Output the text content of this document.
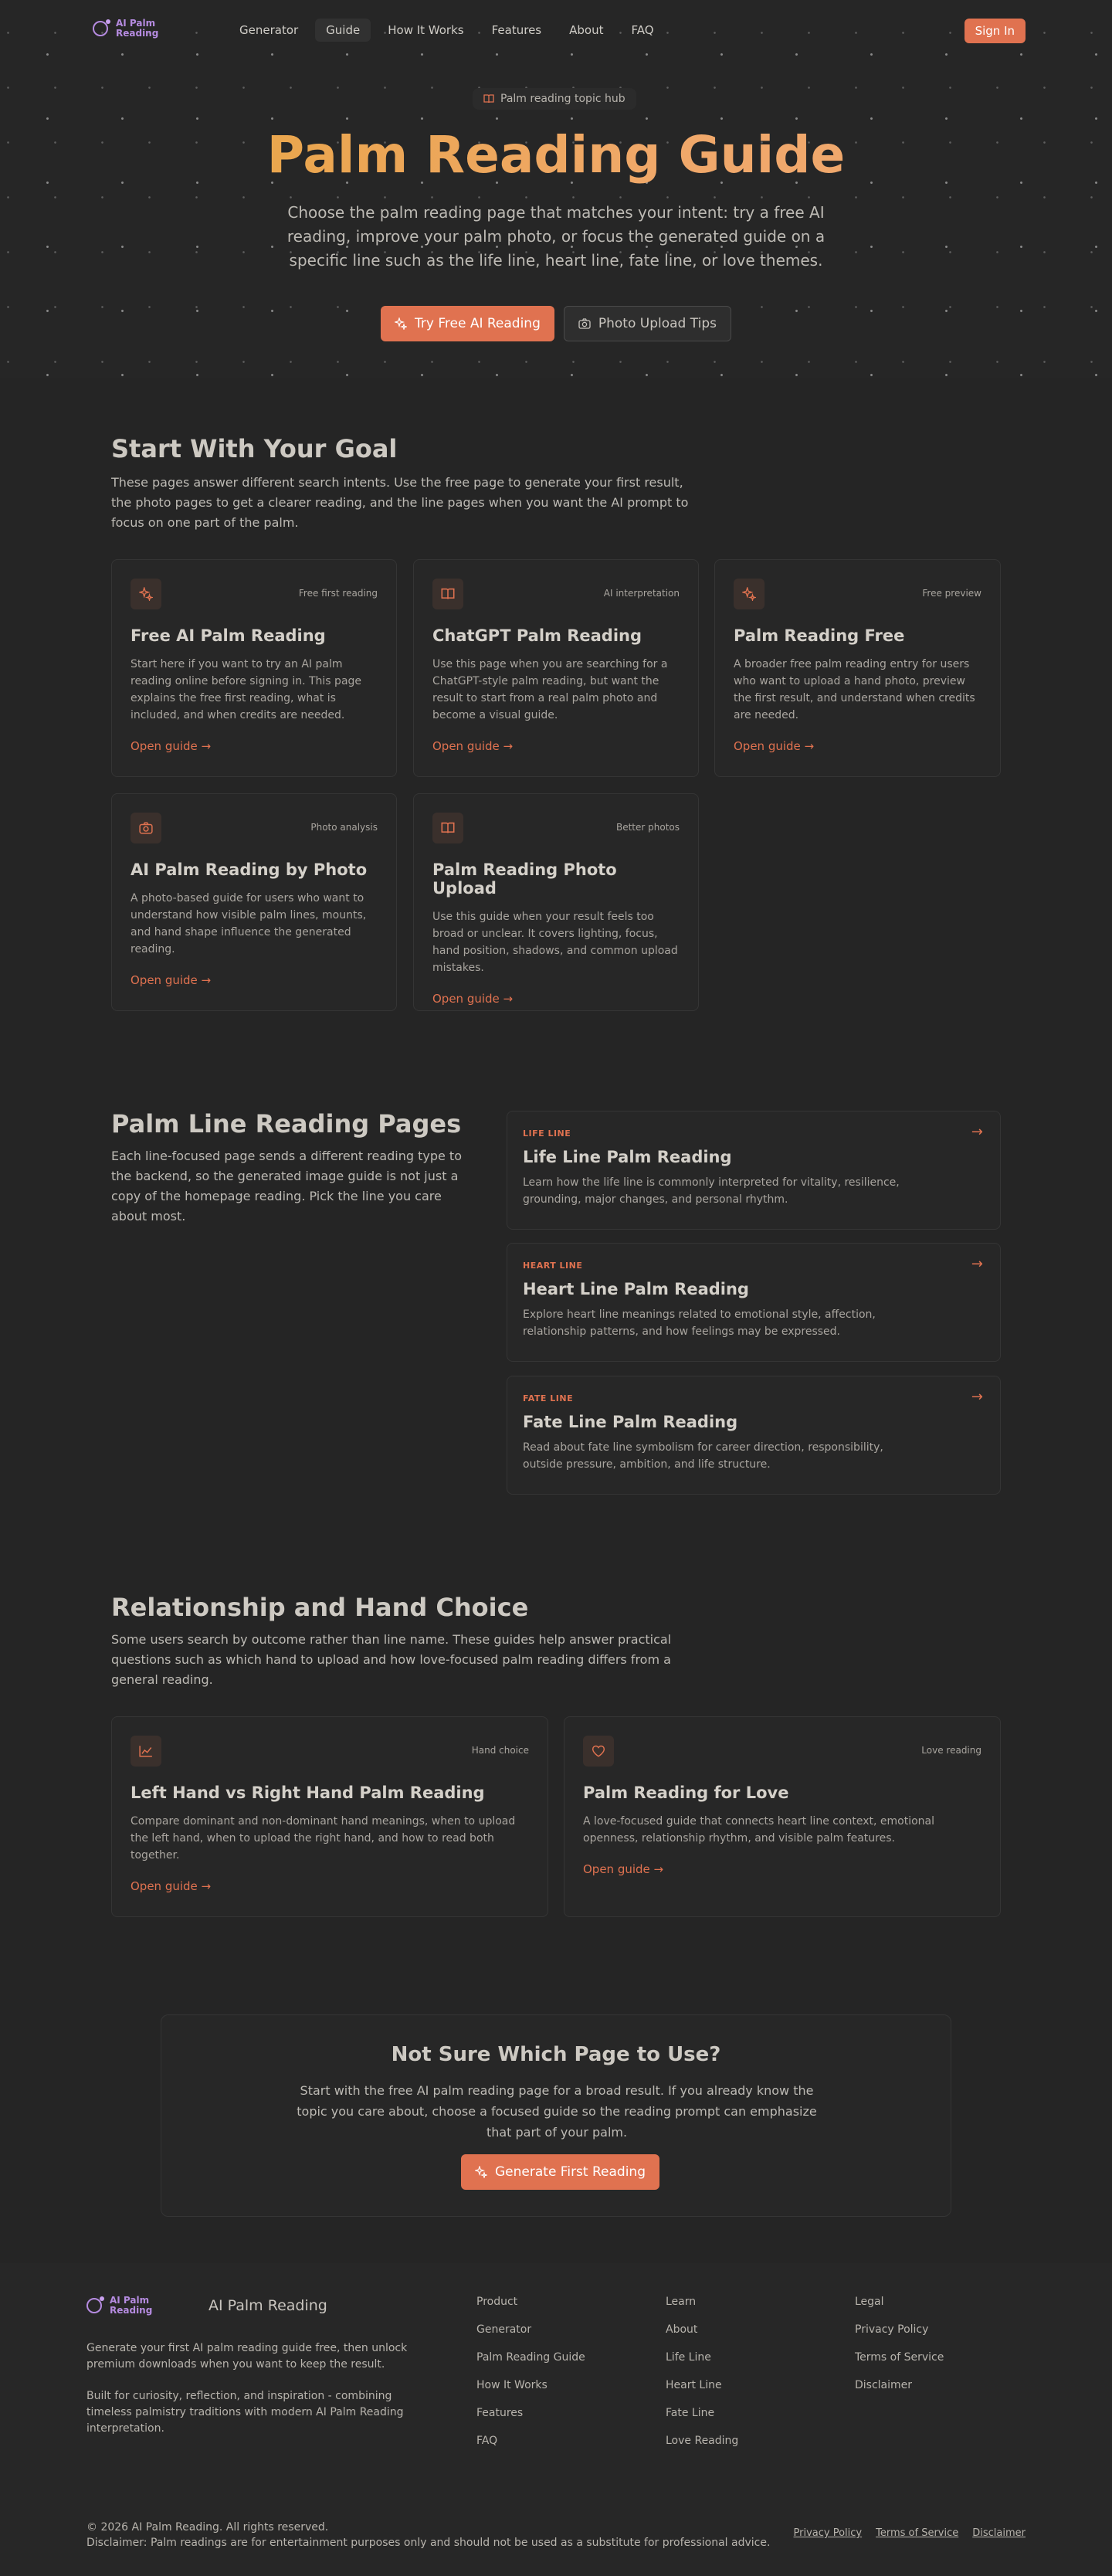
AI Palm
Reading	Generator	Guide	How It Works	Features	About	FAQ	Sign In
Palm reading topic hub
Palm Reading Guide

Choose the palm reading page that matches your intent: try a free AI reading, improve your palm photo, or focus the generated guide on a specific line such as the life line, heart line, fate line, or love themes.

Try Free AI Reading	Photo Upload Tips
Start With Your Goal

These pages answer different search intents. Use the free page to generate your first result, the photo pages to get a clearer reading, and the line pages when you want the AI prompt to focus on one part of the palm.

Free first reading
Free AI Palm Reading

Start here if you want to try an AI palm reading online before signing in. This page explains the free first reading, what is included, and when credits are needed.

Open guide →
AI interpretation
ChatGPT Palm Reading

Use this page when you are searching for a ChatGPT-style palm reading, but want the result to start from a real palm photo and become a visual guide.

Open guide →
Free preview
Palm Reading Free

A broader free palm reading entry for users who want to upload a hand photo, preview the first result, and understand when credits are needed.

Open guide →
Photo analysis
AI Palm Reading by Photo

A photo-based guide for users who want to understand how visible palm lines, mounts, and hand shape influence the generated reading.

Open guide →
Better photos
Palm Reading Photo Upload

Use this guide when your result feels too broad or unclear. It covers lighting, focus, hand position, shadows, and common upload mistakes.

Open guide →
Palm Line Reading Pages

Each line-focused page sends a different reading type to the backend, so the generated image guide is not just a copy of the homepage reading. Pick the line you care about most.

→
LIFE LINE
Life Line Palm Reading

Learn how the life line is commonly interpreted for vitality, resilience, grounding, major changes, and personal rhythm.

→
HEART LINE
Heart Line Palm Reading

Explore heart line meanings related to emotional style, affection, relationship patterns, and how feelings may be expressed.

→
FATE LINE
Fate Line Palm Reading

Read about fate line symbolism for career direction, responsibility, outside pressure, ambition, and life structure.

Relationship and Hand Choice

Some users search by outcome rather than line name. These guides help answer practical questions such as which hand to upload and how love-focused palm reading differs from a general reading.

Hand choice
Left Hand vs Right Hand Palm Reading

Compare dominant and non-dominant hand meanings, when to upload the left hand, when to upload the right hand, and how to read both together.

Open guide →
Love reading
Palm Reading for Love

A love-focused guide that connects heart line context, emotional openness, relationship rhythm, and visible palm features.

Open guide →
Not Sure Which Page to Use?

Start with the free AI palm reading page for a broad result. If you already know the topic you care about, choose a focused guide so the reading prompt can emphasize that part of your palm.

Generate First Reading
AI Palm
Reading	AI Palm Reading

Generate your first AI palm reading guide free, then unlock premium downloads when you want to keep the result.

Built for curiosity, reflection, and inspiration - combining timeless palmistry traditions with modern AI Palm Reading interpretation.

Product
Generator
Palm Reading Guide
How It Works
Features
FAQ
Learn
About
Life Line
Heart Line
Fate Line
Love Reading
Legal
Privacy Policy
Terms of Service
Disclaimer
© 2026 AI Palm Reading. All rights reserved.
Disclaimer: Palm readings are for entertainment purposes only and should not be used as a substitute for professional advice.
Privacy Policy Terms of Service Disclaimer
